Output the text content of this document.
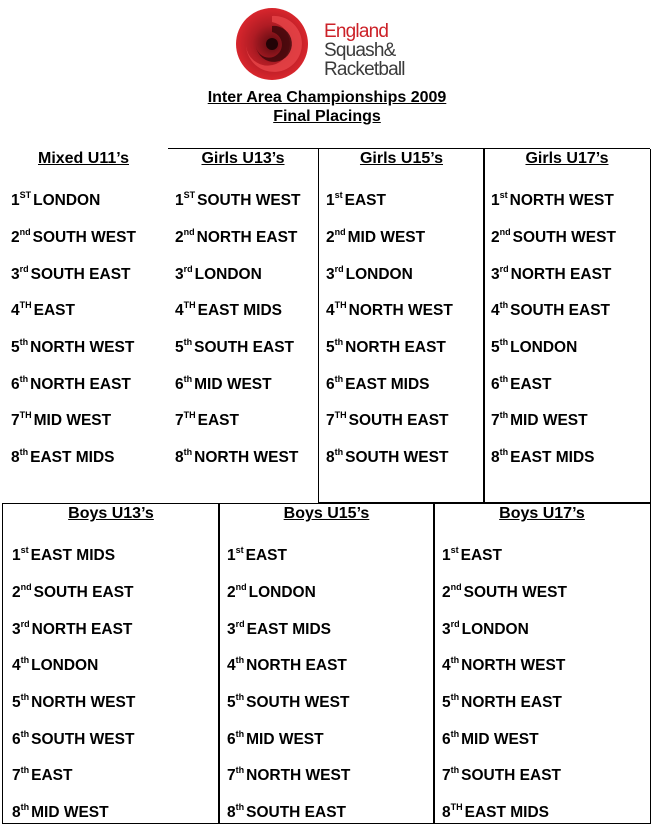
England
Squash&
Racketball
Inter Area Championships 2009
Final Placings
Mixed U11’s
1ST LONDON
2nd SOUTH WEST
3rd SOUTH EAST
4TH EAST
5th NORTH WEST
6th NORTH EAST
7TH MID WEST
8th EAST MIDS
Girls U13’s
1ST SOUTH WEST
2nd NORTH EAST
3rd LONDON
4TH EAST MIDS
5th SOUTH EAST
6th MID WEST
7TH EAST
8th NORTH WEST
Girls U15’s
1st EAST
2nd MID WEST
3rd LONDON
4TH NORTH WEST
5th NORTH EAST
6th EAST MIDS
7TH SOUTH EAST
8th SOUTH WEST
Girls U17’s
1st NORTH WEST
2nd SOUTH WEST
3rd NORTH EAST
4th SOUTH EAST
5th LONDON
6th EAST
7th MID WEST
8th EAST MIDS
Boys U13’s
1st EAST MIDS
2nd SOUTH EAST
3rd NORTH EAST
4th LONDON
5th NORTH WEST
6th SOUTH WEST
7th EAST
8th MID WEST
Boys U15’s
1st EAST
2nd LONDON
3rd EAST MIDS
4th NORTH EAST
5th SOUTH WEST
6th MID WEST
7th NORTH WEST
8th SOUTH EAST
Boys U17’s
1st EAST
2nd SOUTH WEST
3rd LONDON
4th NORTH WEST
5th NORTH EAST
6th MID WEST
7th SOUTH EAST
8TH EAST MIDS
